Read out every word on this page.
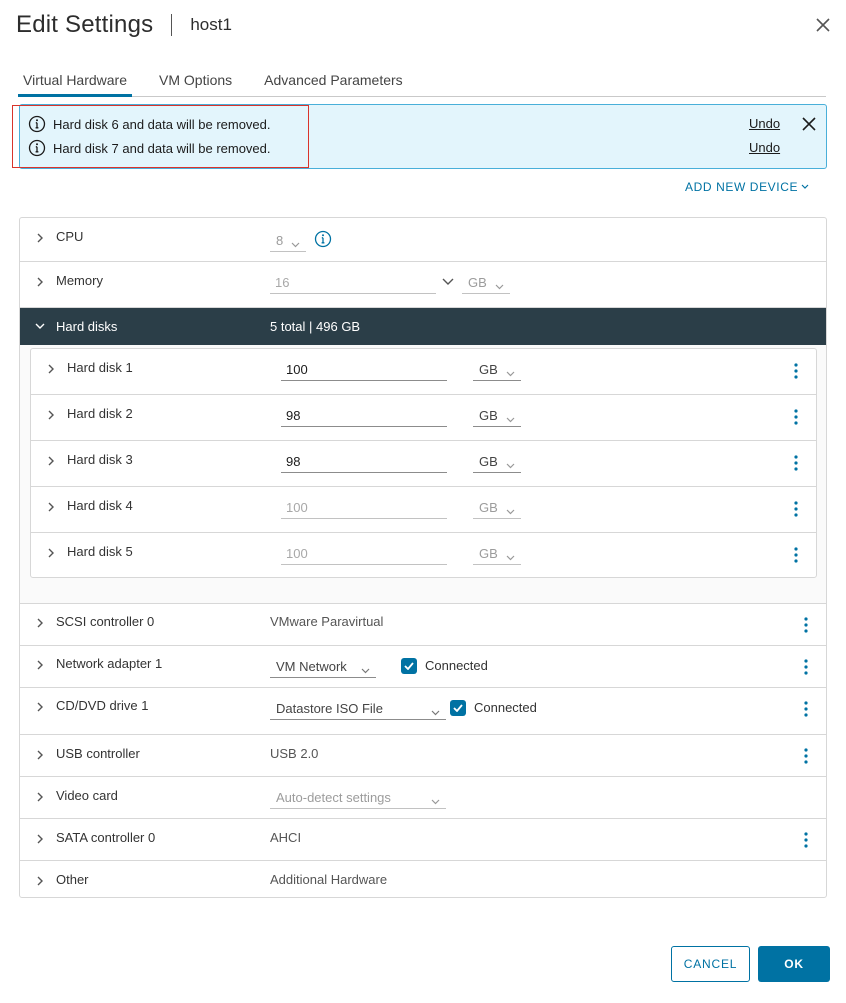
Edit Settings host1
Virtual Hardware	VM Options	Advanced Parameters
Hard disk 6 and data will be removed.	Undo
Hard disk 7 and data will be removed.	Undo
ADD NEW DEVICE
CPU	8
Memory	16	GB
Hard disks	5 total | 496 GB
Hard disk 1	100	GB
Hard disk 2	98	GB
Hard disk 3	98	GB
Hard disk 4	100	GB
Hard disk 5	100	GB
SCSI controller 0	VMware Paravirtual
Network adapter 1	VM Network	Connected
CD/DVD drive 1	Datastore ISO File	Connected
USB controller	USB 2.0
Video card	Auto-detect settings
SATA controller 0	AHCI
Other	Additional Hardware
CANCEL	OK
